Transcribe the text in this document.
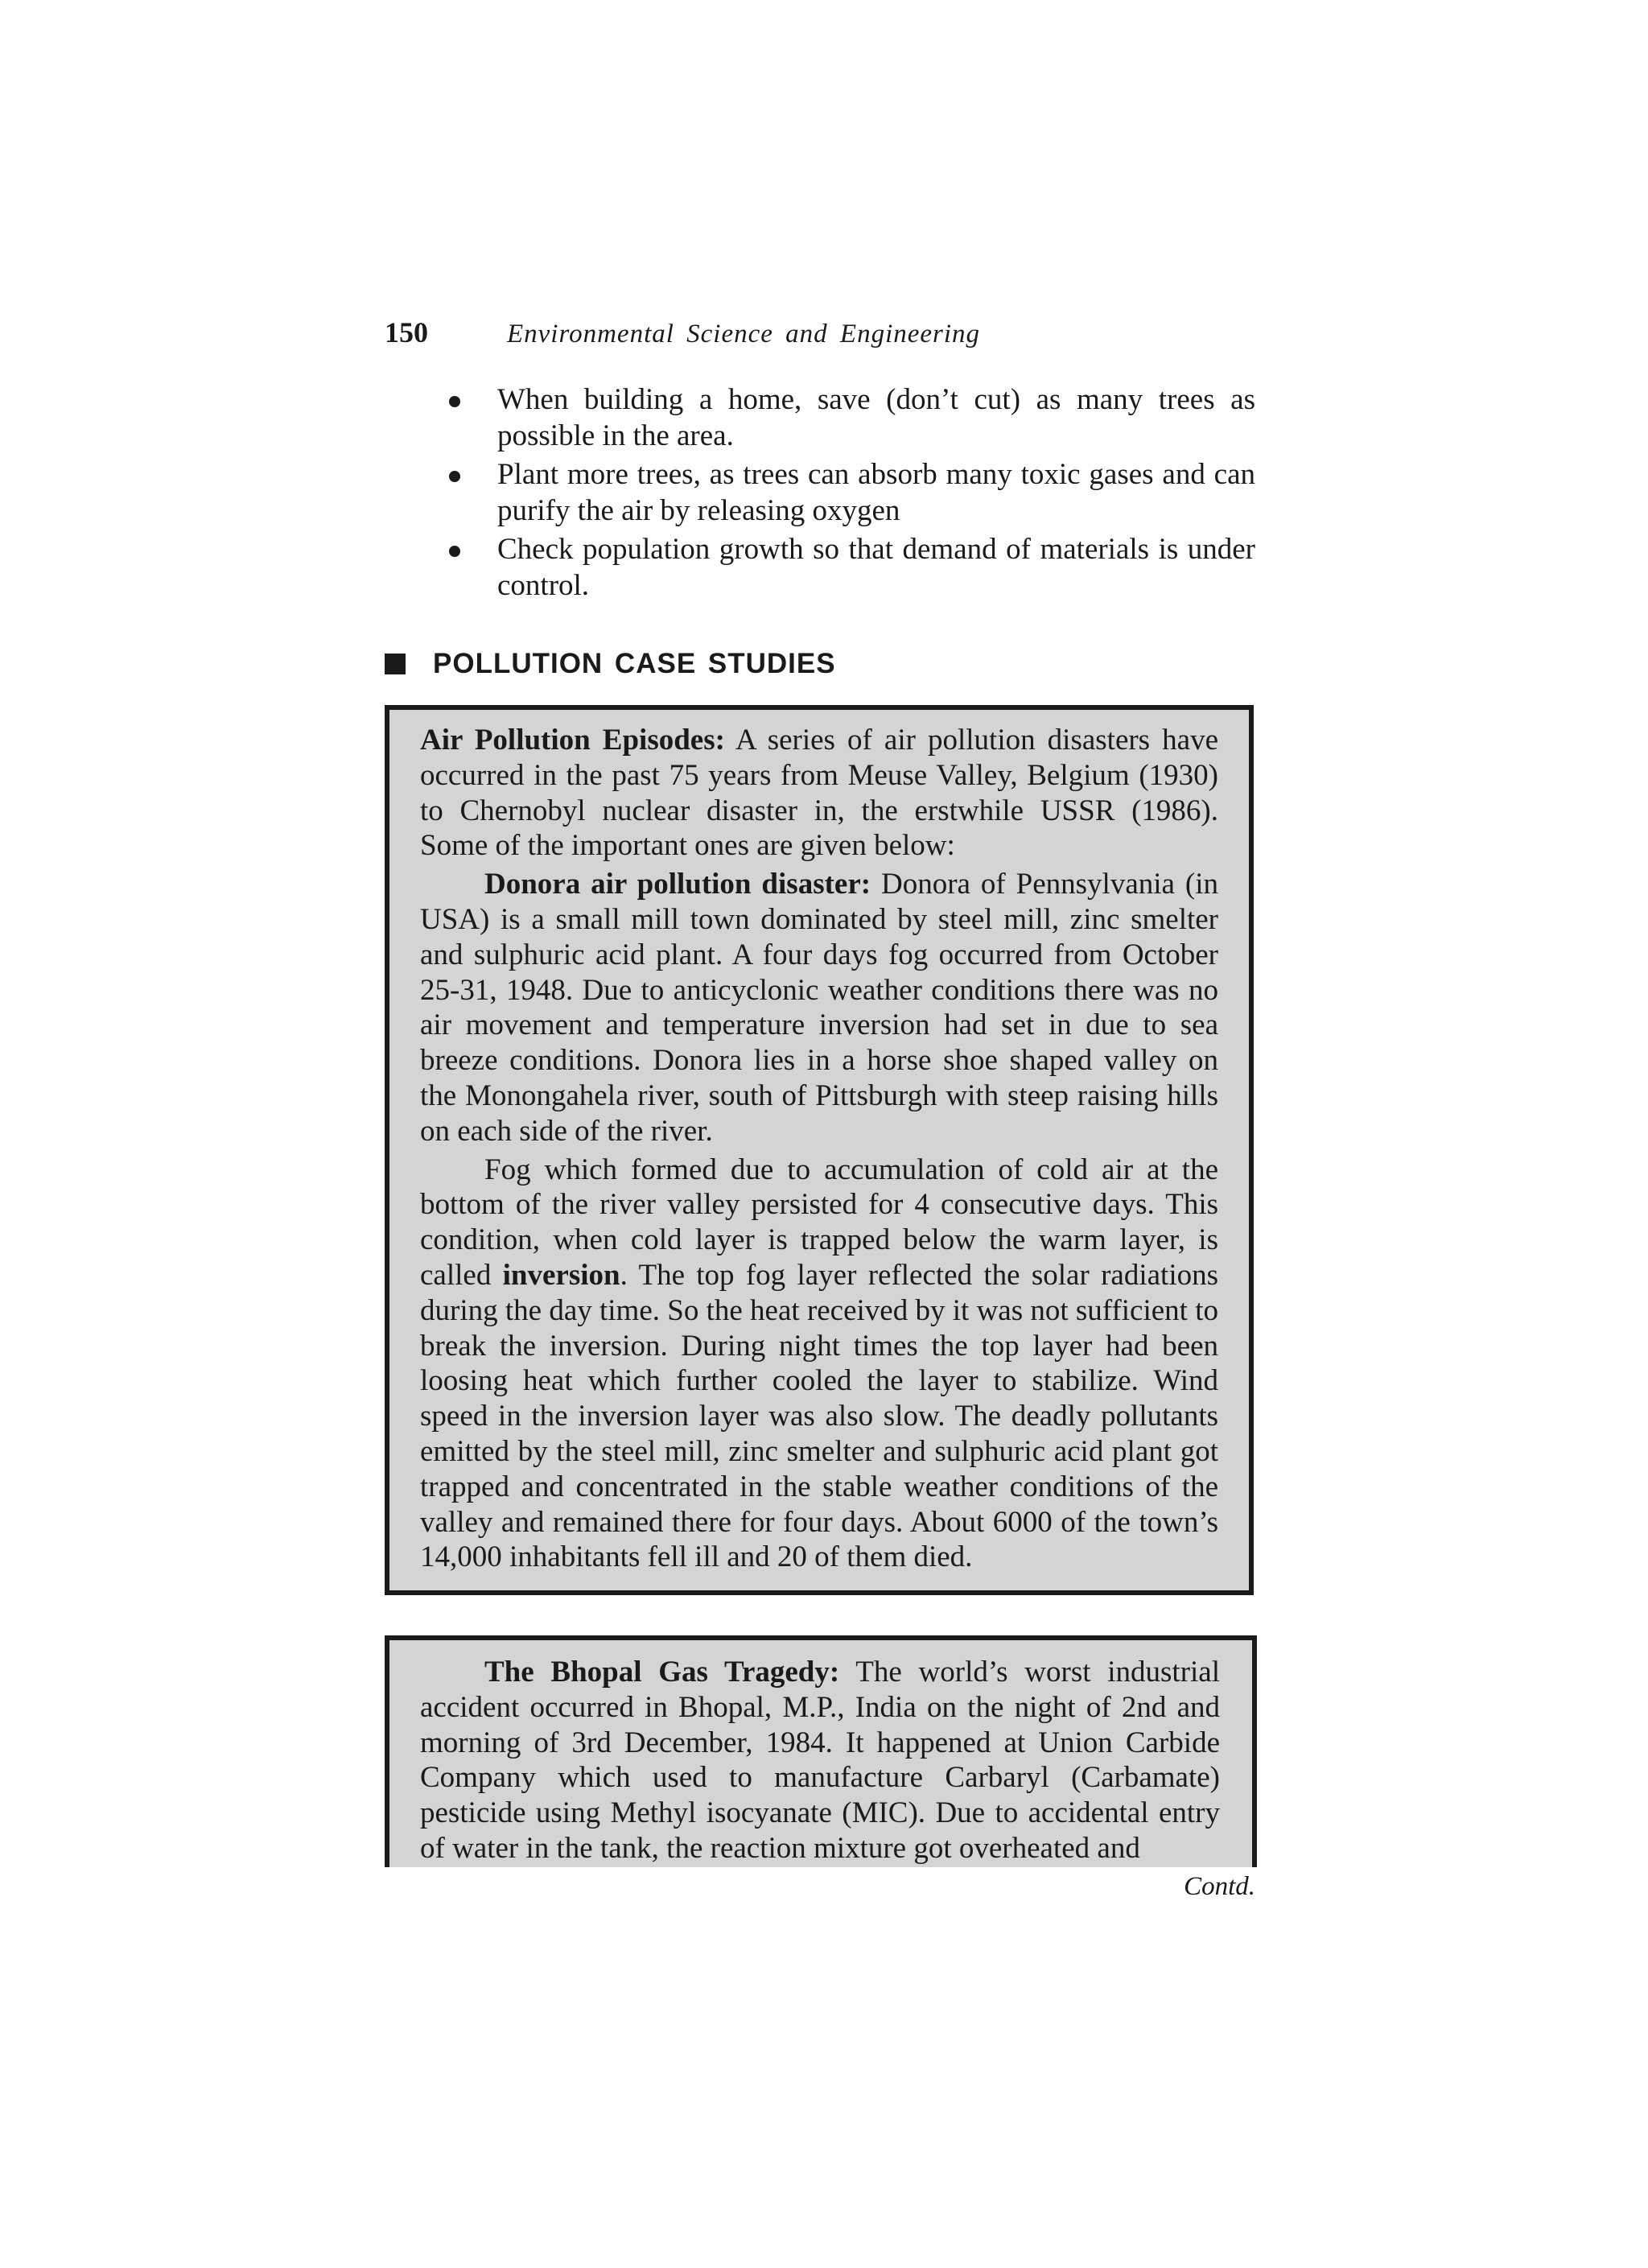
150	Environmental Science and Engineering
When building a home, save (don’t cut) as many trees as possible in the area.
Plant more trees, as trees can absorb many toxic gases and can purify the air by releasing oxygen
Check population growth so that demand of materials is under control.
POLLUTION CASE STUDIES

Air Pollution Episodes: A series of air pollution disasters have occurred in the past 75 years from Meuse Valley, Belgium (1930) to Chernobyl nuclear disaster in, the erstwhile USSR (1986). Some of the important ones are given below:

Donora air pollution disaster: Donora of Pennsylvania (in USA) is a small mill town dominated by steel mill, zinc smelter and sulphuric acid plant. A four days fog occurred from October 25-31, 1948. Due to anticyclonic weather conditions there was no air movement and temperature inversion had set in due to sea breeze conditions. Donora lies in a horse shoe shaped valley on the Monongahela river, south of Pittsburgh with steep raising hills on each side of the river.

Fog which formed due to accumulation of cold air at the bottom of the river valley persisted for 4 consecutive days. This condition, when cold layer is trapped below the warm layer, is called inversion. The top fog layer reflected the solar radiations during the day time. So the heat received by it was not sufficient to break the inversion. During night times the top layer had been loosing heat which further cooled the layer to stabilize. Wind speed in the inversion layer was also slow. The deadly pollutants emitted by the steel mill, zinc smelter and sulphuric acid plant got trapped and concentrated in the stable weather conditions of the valley and remained there for four days. About 6000 of the town’s 14,000 inhabitants fell ill and 20 of them died.

The Bhopal Gas Tragedy: The world’s worst industrial accident occurred in Bhopal, M.P., India on the night of 2nd and morning of 3rd December, 1984. It happened at Union Carbide Company which used to manufacture Carbaryl (Carbamate) pesticide using Methyl isocyanate (MIC). Due to accidental entry of water in the tank, the reaction mixture got overheated and

Contd.
